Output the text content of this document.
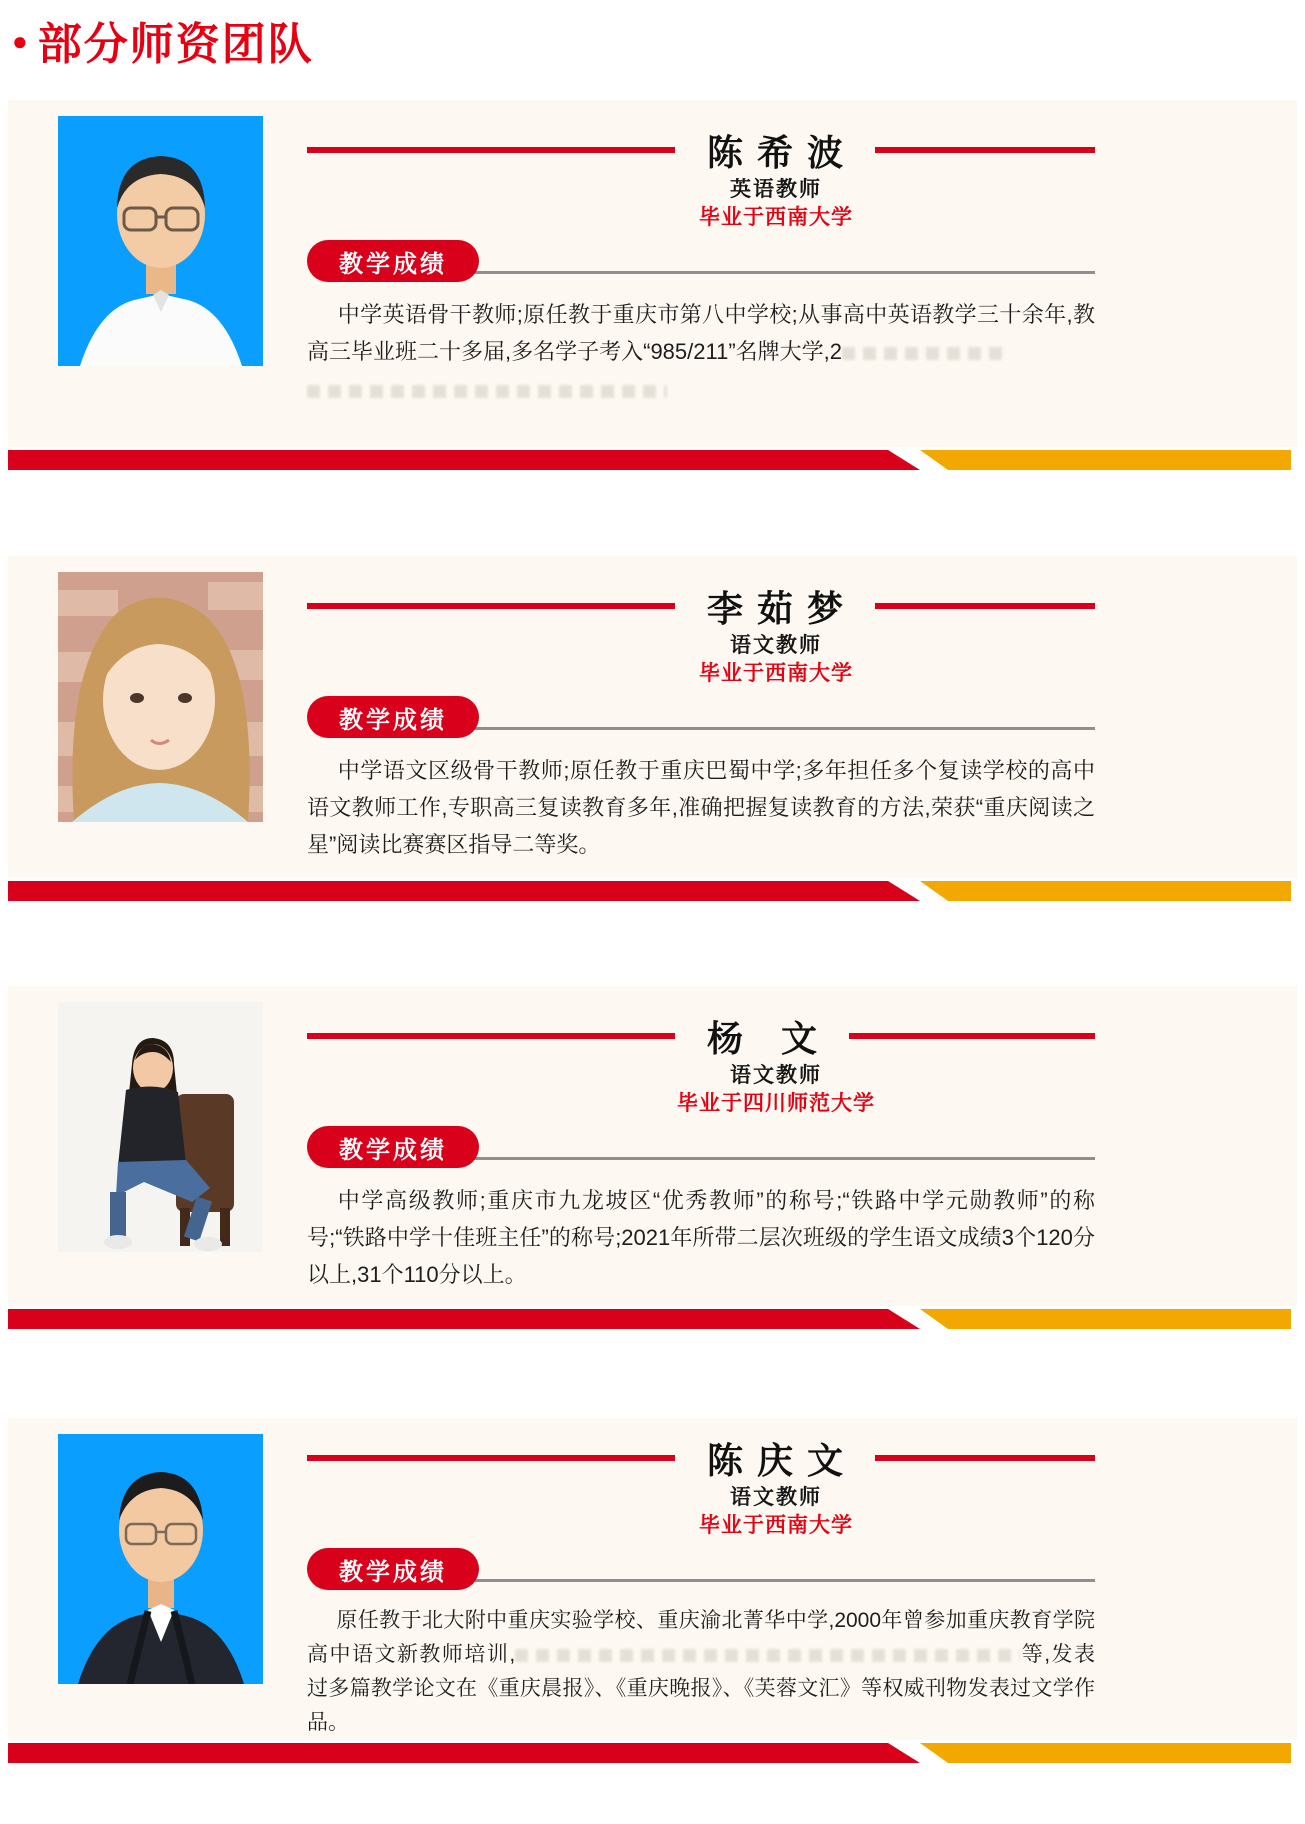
● 部分师资团队
陈希波
英语教师
毕业于西南大学
教学成绩

中学英语骨干教师;原任教于重庆市第八中学校;从事高中英语教学三十余年,教高三毕业班二十多届,多名学子考入“985/211”名牌大学,2

李茹梦
语文教师
毕业于西南大学
教学成绩

中学语文区级骨干教师;原任教于重庆巴蜀中学;多年担任多个复读学校的高中语文教师工作,专职高三复读教育多年,准确把握复读教育的方法,荣获“重庆阅读之星”阅读比赛赛区指导二等奖。

杨 文
语文教师
毕业于四川师范大学
教学成绩

中学高级教师;重庆市九龙坡区“优秀教师”的称号;“铁路中学元勋教师”的称号;“铁路中学十佳班主任”的称号;2021年所带二层次班级的学生语文成绩3个120分以上,31个110分以上。

陈庆文
语文教师
毕业于西南大学
教学成绩

原任教于北大附中重庆实验学校、重庆渝北菁华中学,2000年曾参加重庆教育学院高中语文新教师培训,	等,发表过多篇教学论文在《重庆晨报》、《重庆晚报》、《芙蓉文汇》等权威刊物发表过文学作品。
